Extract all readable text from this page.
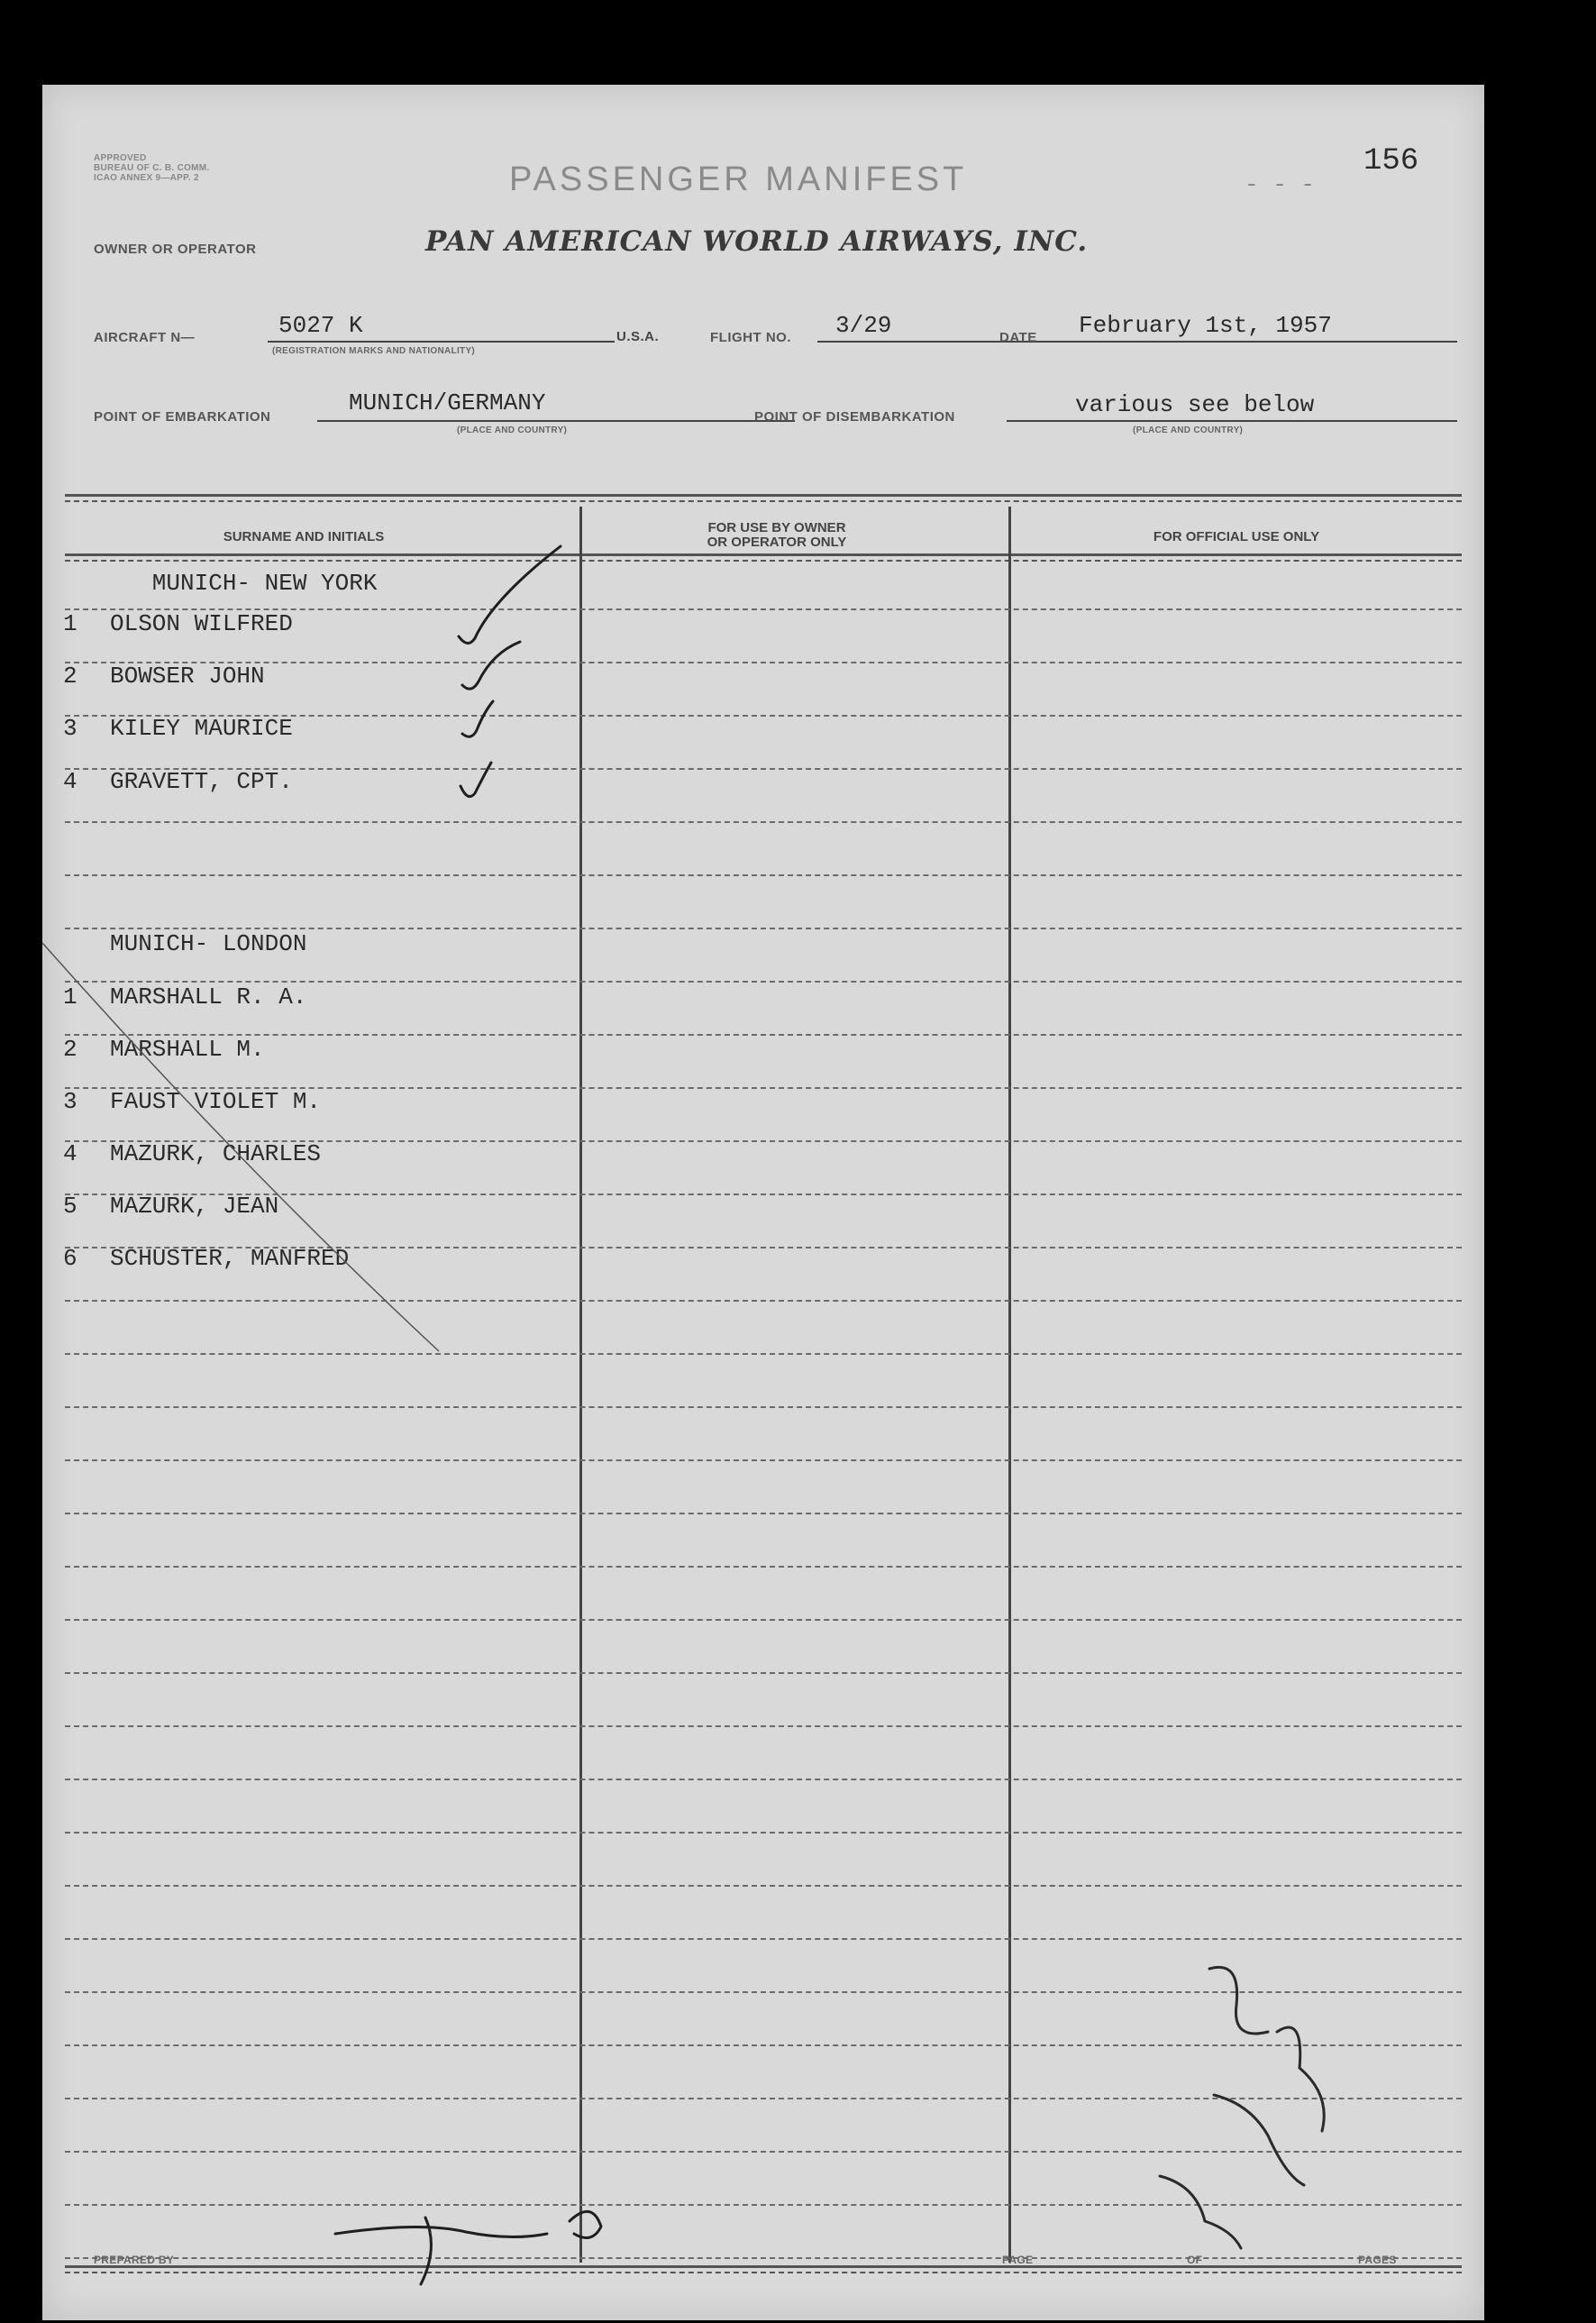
APPROVED
BUREAU OF C. B. COMM.
ICAO ANNEX 9—APP. 2	PASSENGER MANIFEST	- - -
156
OWNER OR OPERATOR	PAN AMERICAN WORLD AIRWAYS, INC.
AIRCRAFT N—	5027 K
(REGISTRATION MARKS AND NATIONALITY)
U.S.A.	FLIGHT NO. 3/29	DATE February 1st, 1957
POINT OF EMBARKATION
MUNICH/GERMANY
(PLACE AND COUNTRY)
POINT OF DISEMBARKATION	various see below
(PLACE AND COUNTRY)
SURNAME AND INITIALS
FOR USE BY OWNER
OR OPERATOR ONLY	FOR OFFICIAL USE ONLY
MUNICH- NEW YORK
1 OLSON WILFRED
2 BOWSER JOHN
3 KILEY MAURICE
4 GRAVETT, CPT.
MUNICH- LONDON
1 MARSHALL R. A.
2 MARSHALL M.
3 FAUST VIOLET M.
4 MAZURK, CHARLES
5 MAZURK, JEAN
6 SCHUSTER, MANFRED
PREPARED BY	PAGE	OF	PAGES
